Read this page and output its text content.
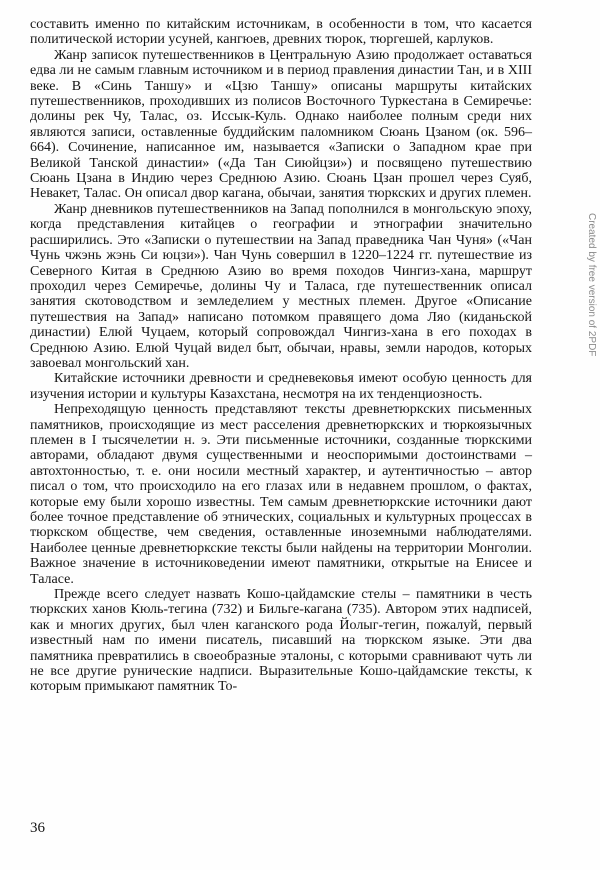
составить именно по китайским источникам, в особенности в том, что касается политической истории усуней, кангюев, древних тюрок, тюргешей, карлуков.

Жанр записок путешественников в Центральную Азию продолжает оставаться едва ли не самым главным источником и в период правления династии Тан, и в XIII веке. В «Синь Таншу» и «Цзю Таншу» описаны маршруты китайских путешественников, проходивших из полисов Восточного Туркестана в Семиречье: долины рек Чу, Талас, оз. Иссык-Куль. Однако наиболее полным среди них являются записи, оставленные буддийским паломником Сюань Цзаном (ок. 596–664). Сочинение, написанное им, называется «Записки о Западном крае при Великой Танской династии» («Да Тан Сиюйцзи») и посвящено путешествию Сюань Цзана в Индию через Среднюю Азию. Сюань Цзан прошел через Суяб, Невакет, Талас. Он описал двор кагана, обычаи, занятия тюркских и других племен.

Жанр дневников путешественников на Запад пополнился в монгольскую эпоху, когда представления китайцев о географии и этнографии значительно расширились. Это «Записки о путешествии на Запад праведника Чан Чуня» («Чан Чунь чжэнь жэнь Си юцзи»). Чан Чунь совершил в 1220–1224 гг. путешествие из Северного Китая в Среднюю Азию во время походов Чингиз-хана, маршрут проходил через Семиречье, долины Чу и Таласа, где путешественник описал занятия скотоводством и земледелием у местных племен. Другое «Описание путешествия на Запад» написано потомком правящего дома Ляо (киданьской династии) Елюй Чуцаем, который сопровождал Чингиз-хана в его походах в Среднюю Азию. Елюй Чуцай видел быт, обычаи, нравы, земли народов, которых завоевал монгольский хан.

Китайские источники древности и средневековья имеют особую ценность для изучения истории и культуры Казахстана, несмотря на их тенденциозность.

Непреходящую ценность представляют тексты древнетюркских письменных памятников, происходящие из мест расселения древнетюркских и тюркоязычных племен в I тысячелетии н. э. Эти письменные источники, созданные тюркскими авторами, обладают двумя существенными и неоспоримыми достоинствами – автохтонностью, т. е. они носили местный характер, и аутентичностью – автор писал о том, что происходило на его глазах или в недавнем прошлом, о фактах, которые ему были хорошо известны. Тем самым древнетюркские источники дают более точное представление об этнических, социальных и культурных процессах в тюркском обществе, чем сведения, оставленные иноземными наблюдателями. Наиболее ценные древнетюркские тексты были найдены на территории Монголии. Важное значение в источниковедении имеют памятники, открытые на Енисее и Таласе.

Прежде всего следует назвать Кошо-цайдамские стелы – памятники в честь тюркских ханов Кюль-тегина (732) и Бильге-кагана (735). Автором этих надписей, как и многих других, был член каганского рода Йолыг-тегин, пожалуй, первый известный нам по имени писатель, писавший на тюркском языке. Эти два памятника превратились в своеобразные эталоны, с которыми сравнивают чуть ли не все другие рунические надписи. Выразительные Кошо-цайдамские тексты, к которым примыкают памятник То-

36
Created by free version of 2PDF
